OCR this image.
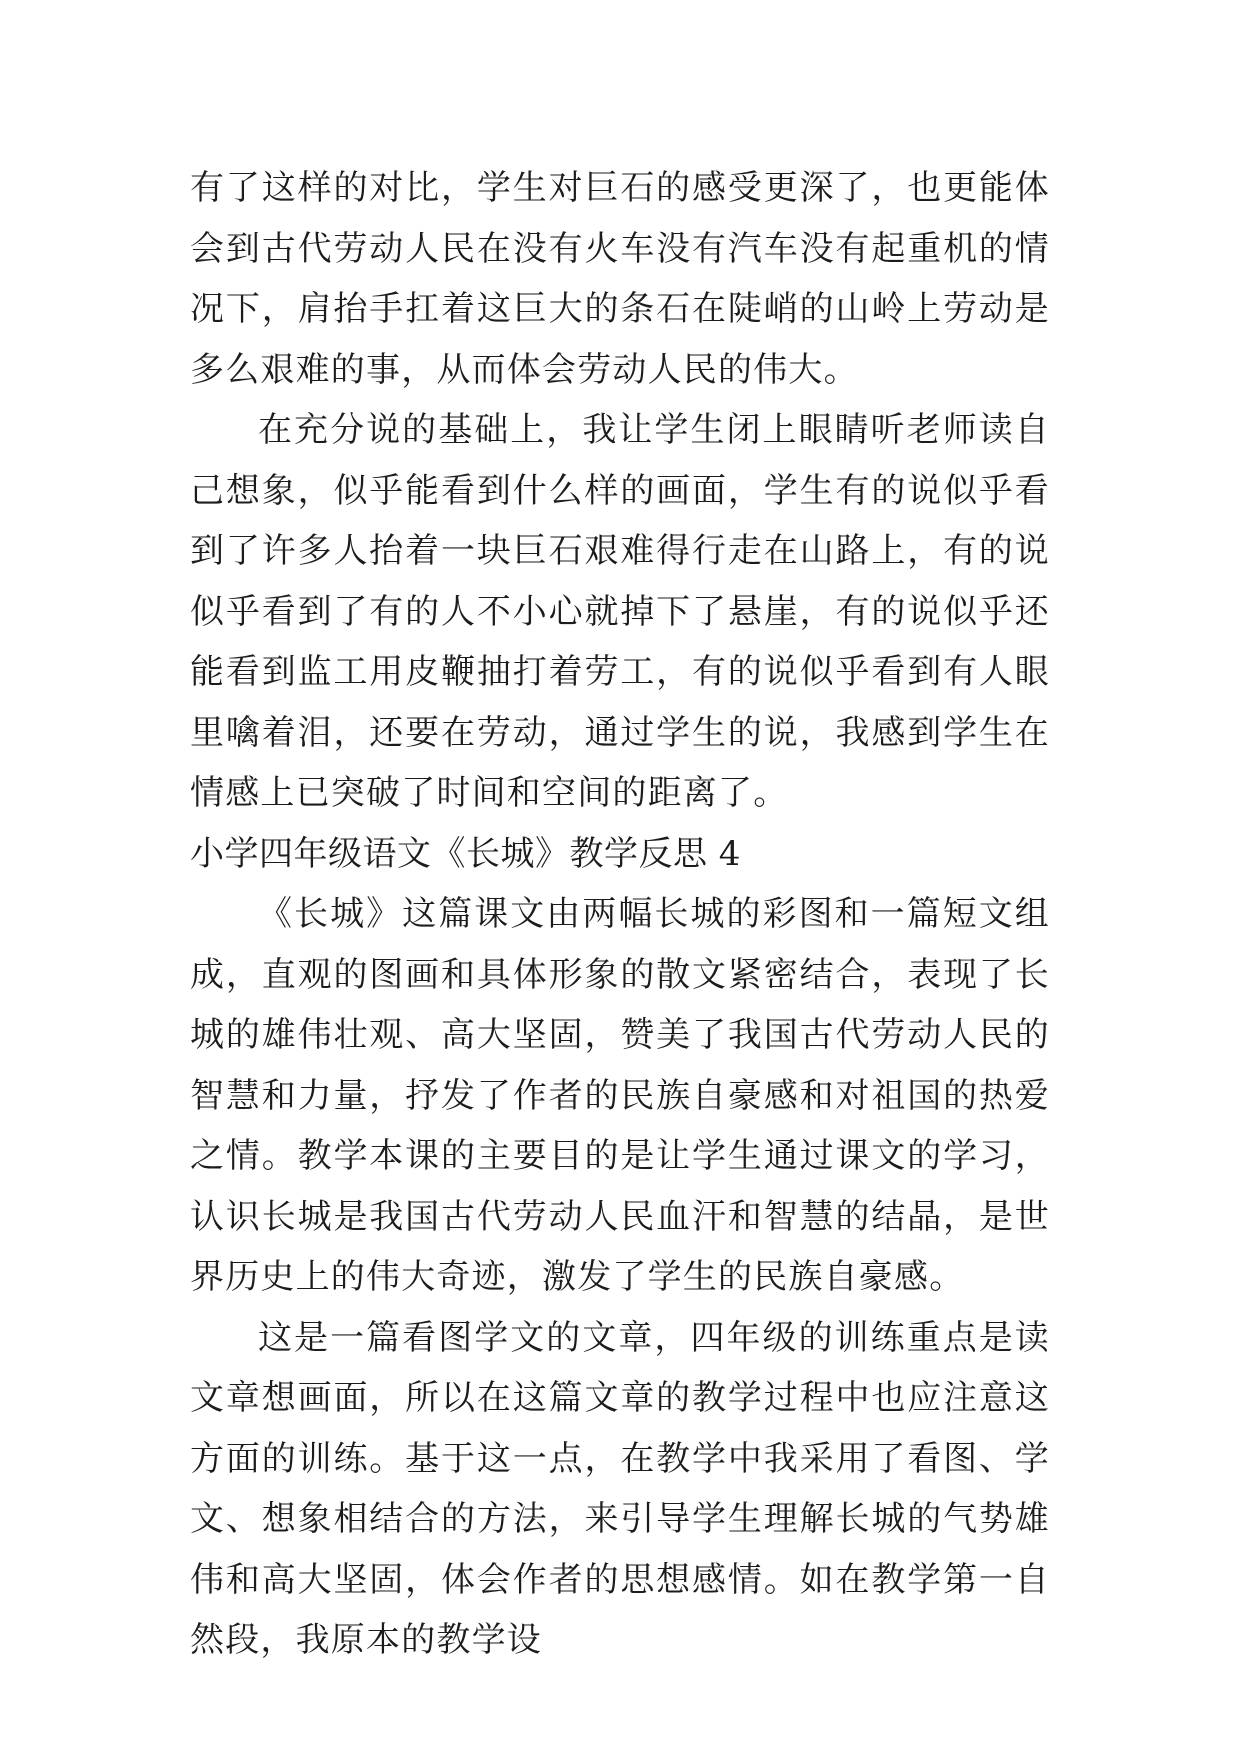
有了这样的对比，学生对巨石的感受更深了，也更能体会到古代劳动人民在没有火车没有汽车没有起重机的情况下，肩抬手扛着这巨大的条石在陡峭的山岭上劳动是多么艰难的事，从而体会劳动人民的伟大。

在充分说的基础上，我让学生闭上眼睛听老师读自己想象，似乎能看到什么样的画面，学生有的说似乎看到了许多人抬着一块巨石艰难得行走在山路上，有的说似乎看到了有的人不小心就掉下了悬崖，有的说似乎还能看到监工用皮鞭抽打着劳工，有的说似乎看到有人眼里噙着泪，还要在劳动，通过学生的说，我感到学生在情感上已突破了时间和空间的距离了。

小学四年级语文《长城》教学反思 4

《长城》这篇课文由两幅长城的彩图和一篇短文组成，直观的图画和具体形象的散文紧密结合，表现了长城的雄伟壮观、高大坚固，赞美了我国古代劳动人民的智慧和力量，抒发了作者的民族自豪感和对祖国的热爱之情。教学本课的主要目的是让学生通过课文的学习，认识长城是我国古代劳动人民血汗和智慧的结晶，是世界历史上的伟大奇迹，激发了学生的民族自豪感。

这是一篇看图学文的文章，四年级的训练重点是读文章想画面，所以在这篇文章的教学过程中也应注意这方面的训练。基于这一点，在教学中我采用了看图、学文、想象相结合的方法，来引导学生理解长城的气势雄伟和高大坚固，体会作者的思想感情。如在教学第一自然段，我原本的教学设
